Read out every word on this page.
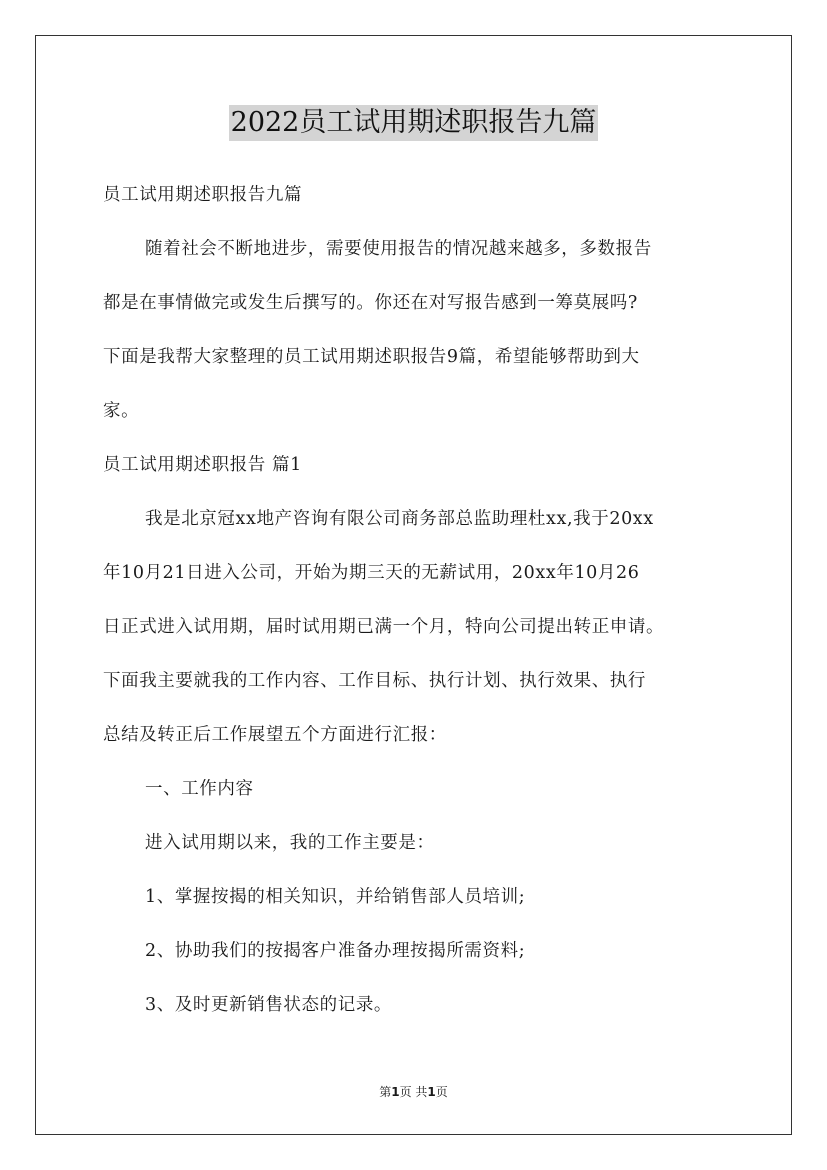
2022员工试用期述职报告九篇
员工试用期述职报告九篇
随着社会不断地进步，需要使用报告的情况越来越多，多数报告
都是在事情做完或发生后撰写的。你还在对写报告感到一筹莫展吗?
下面是我帮大家整理的员工试用期述职报告9篇，希望能够帮助到大
家。
员工试用期述职报告 篇1
我是北京冠xx地产咨询有限公司商务部总监助理杜xx,我于20xx
年10月21日进入公司，开始为期三天的无薪试用，20xx年10月26
日正式进入试用期，届时试用期已满一个月，特向公司提出转正申请。
下面我主要就我的工作内容、工作目标、执行计划、执行效果、执行
总结及转正后工作展望五个方面进行汇报：
一、工作内容
进入试用期以来，我的工作主要是：
1、掌握按揭的相关知识，并给销售部人员培训;
2、协助我们的按揭客户准备办理按揭所需资料;
3、及时更新销售状态的记录。
第1页 共1页
